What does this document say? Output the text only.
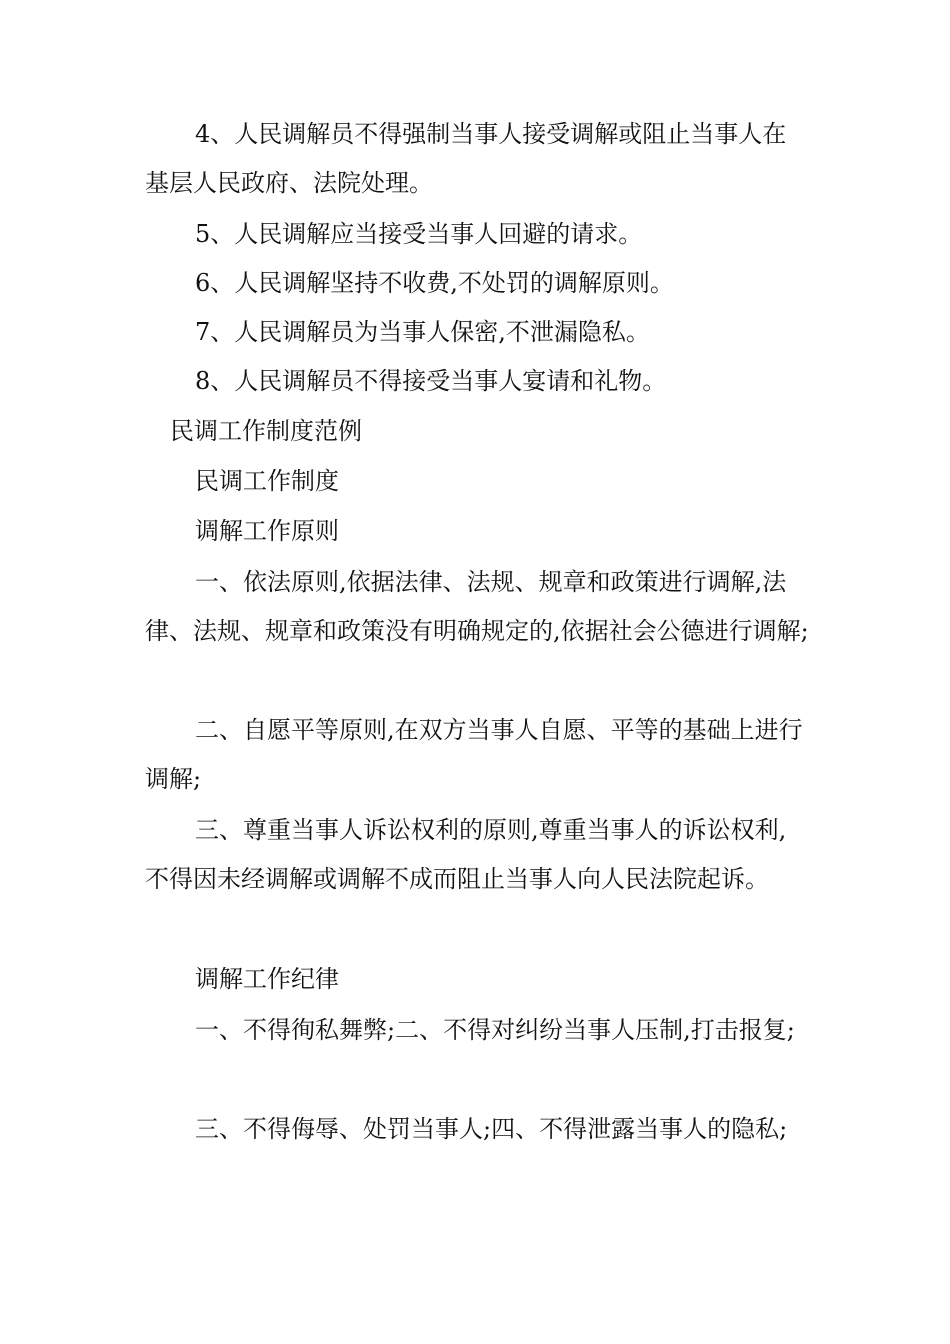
4、人民调解员不得强制当事人接受调解或阻止当事人在基层人民政府、法院处理。

5、人民调解应当接受当事人回避的请求。

6、人民调解坚持不收费,不处罚的调解原则。

7、人民调解员为当事人保密,不泄漏隐私。

8、人民调解员不得接受当事人宴请和礼物。

民调工作制度范例

民调工作制度

调解工作原则

一、依法原则,依据法律、法规、规章和政策进行调解,法律、法规、规章和政策没有明确规定的,依据社会公德进行调解;

二、自愿平等原则,在双方当事人自愿、平等的基础上进行调解;

三、尊重当事人诉讼权利的原则,尊重当事人的诉讼权利,不得因未经调解或调解不成而阻止当事人向人民法院起诉。

调解工作纪律

一、不得徇私舞弊;二、不得对纠纷当事人压制,打击报复;

三、不得侮辱、处罚当事人;四、不得泄露当事人的隐私;
